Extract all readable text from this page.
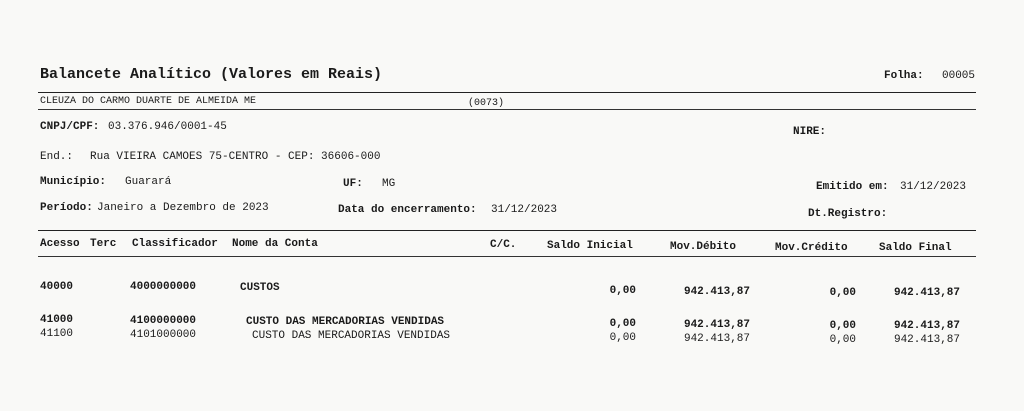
Balancete Analítico (Valores em Reais)	Folha: 00005
CLEUZA DO CARMO DUARTE DE ALMEIDA ME	(0073)
CNPJ/CPF: 03.376.946/0001-45	NIRE:
End.: Rua VIEIRA CAMOES 75-CENTRO - CEP: 36606-000
Município: Guarará	UF: MG	Emitido em: 31/12/2023
Período: Janeiro a Dezembro de 2023	Data do encerramento: 31/12/2023	Dt.Registro:
Acesso Terc Classificador Nome da Conta	C/C.	Saldo Inicial	Mov.Débito	Mov.Crédito	Saldo Final
40000	4000000000	CUSTOS	0,00	942.413,87	0,00	942.413,87
41000	4100000000	CUSTO DAS MERCADORIAS VENDIDAS	0,00	942.413,87	0,00	942.413,87
41100	4101000000	CUSTO DAS MERCADORIAS VENDIDAS	0,00	942.413,87	0,00	942.413,87
